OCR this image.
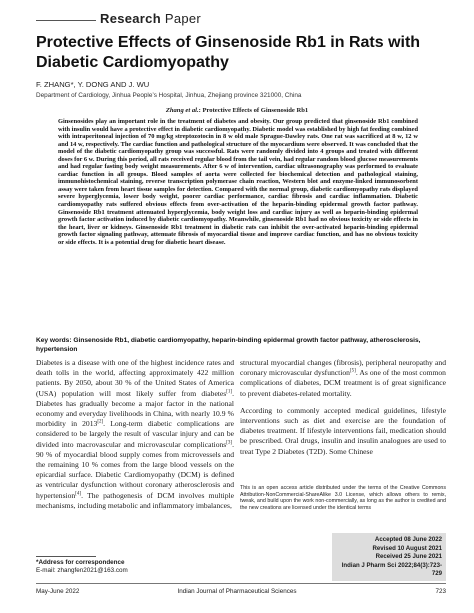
Research Paper
Protective Effects of Ginsenoside Rb1 in Rats with Diabetic Cardiomyopathy
F. ZHANG*, Y. DONG AND J. WU
Department of Cardiology, Jinhua People’s Hospital, Jinhua, Zhejiang province 321000, China
Zhang et al.: Protective Effects of Ginsenoside Rb1
Ginsenosides play an important role in the treatment of diabetes and obesity. Our group predicted that ginsenoside Rb1 combined with insulin would have a protective effect in diabetic cardiomyopathy. Diabetic model was established by high fat feeding combined with intraperitoneal injection of 70 mg/kg streptozotocin in 8 w old male Sprague-Dawley rats. One rat was sacrificed at 8 w, 12 w and 14 w, respectively. The cardiac function and pathological structure of the myocardium were observed. It was concluded that the model of the diabetic cardiomyopathy group was successful. Rats were randomly divided into 4 groups and treated with different doses for 6 w. During this period, all rats received regular blood from the tail vein, had regular random blood glucose measurements and had regular fasting body weight measurements. After 6 w of intervention, cardiac ultrasonography was performed to evaluate cardiac function in all groups. Blood samples of aorta were collected for biochemical detection and pathological staining, immunohistochemical staining, reverse transcription polymerase chain reaction, Western blot and enzyme-linked immunosorbent assay were taken from heart tissue samples for detection. Compared with the normal group, diabetic cardiomyopathy rats displayed severe hyperglycemia, lower body weight, poorer cardiac performance, cardiac fibrosis and cardiac inflammation. Diabetic cardiomyopathy rats suffered obvious effects from over-activation of the heparin-binding epidermal growth factor pathway. Ginsenoside Rb1 treatment attenuated hyperglycemia, body weight loss and cardiac injury as well as heparin-binding epidermal growth factor activation induced by diabetic cardiomyopathy. Meanwhile, ginsenoside Rb1 had no obvious toxicity or side effects in the heart, liver or kidneys. Ginsenoside Rb1 treatment in diabetic rats can inhibit the over-activated heparin-binding epidermal growth factor signaling pathway, attenuate fibrosis of myocardial tissue and improve cardiac function, and has no obvious toxicity or side effects. It is a potential drug for diabetic heart disease.
Key words: Ginsenoside Rb1, diabetic cardiomyopathy, heparin-binding epidermal growth factor pathway, atherosclerosis, hypertension

Diabetes is a disease with one of the highest incidence rates and death tolls in the world, affecting approximately 422 million patients. By 2050, about 30 % of the United States of America (USA) population will most likely suffer from diabetes[1]. Diabetes has gradually become a major factor in the national economy and everyday livelihoods in China, with nearly 10.9 % morbidity in 2013[2]. Long-term diabetic complications are considered to be largely the result of vascular injury and can be divided into macrovascular and microvascular complications[3]. 90 % of myocardial blood supply comes from microvessels and the remaining 10 % comes from the large blood vessels on the epicardial surface. Diabetic Cardiomyopathy (DCM) is defined as ventricular dysfunction without coronary atherosclerosis and hypertension[4]. The pathogenesis of DCM involves multiple mechanisms, including metabolic and inflammatory imbalances,

structural myocardial changes (fibrosis), peripheral neuropathy and coronary microvascular dysfunction[5]. As one of the most common complications of diabetes, DCM treatment is of great significance to prevent diabetes-related mortality.

According to commonly accepted medical guidelines, lifestyle interventions such as diet and exercise are the foundation of diabetes treatment. If lifestyle interventions fail, medication should be prescribed. Oral drugs, insulin and insulin analogues are used to treat Type 2 Diabetes (T2D). Some Chinese

This is an open access article distributed under the terms of the Creative Commons Attribution-NonCommercial-ShareAlike 3.0 License, which allows others to remix, tweak, and build upon the work non-commercially, as long as the author is credited and the new creations are licensed under the identical terms
Accepted 08 June 2022
Revised 10 August 2021
Received 25 June 2021
Indian J Pharm Sci 2022;84(3):723-729
*Address for correspondence
E-mail: zhangfen2021@163.com
May-June 2022	Indian Journal of Pharmaceutical Sciences	723
